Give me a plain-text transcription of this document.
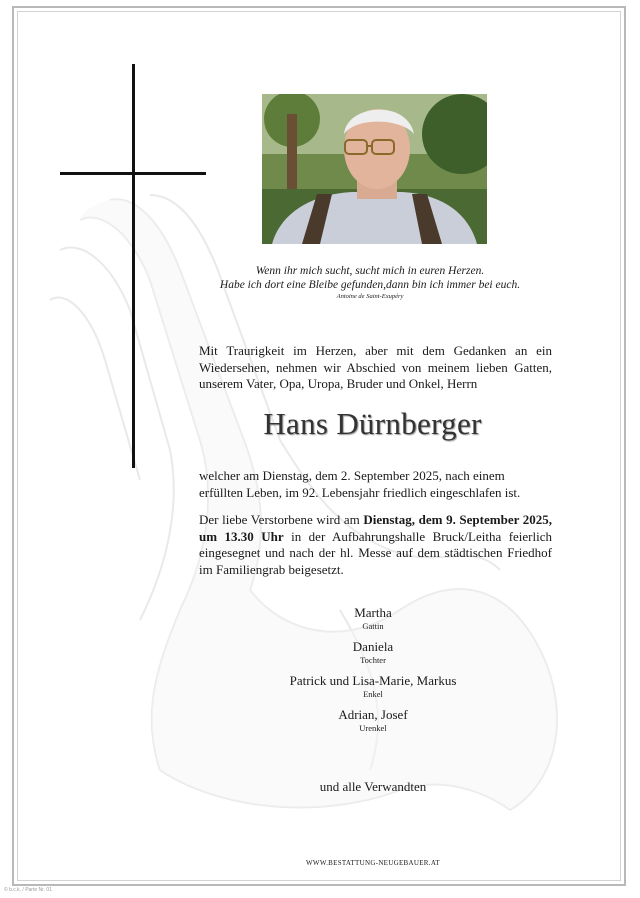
Wenn ihr mich sucht, sucht mich in euren Herzen.
Habe ich dort eine Bleibe gefunden,dann bin ich immer bei euch.
Antoine de Saint-Exupéry
Mit Traurigkeit im Herzen, aber mit dem Gedanken an ein Wiedersehen, nehmen wir Abschied von meinem lieben Gatten, unserem Vater, Opa, Uropa, Bruder und Onkel, Herrn
Hans Dürnberger
welcher am Dienstag, dem 2. September 2025, nach einem erfüllten Leben, im 92. Lebensjahr friedlich eingeschlafen ist.
Der liebe Verstorbene wird am Dienstag, dem 9. September 2025, um 13.30 Uhr in der Aufbahrungshalle Bruck/Leitha feierlich eingesegnet und nach der hl. Messe auf dem städtischen Friedhof im Familiengrab beigesetzt.
Martha
Gattin
Daniela
Tochter
Patrick und Lisa-Marie, Markus
Enkel
Adrian, Josef
Urenkel
und alle Verwandten
WWW.BESTATTUNG-NEUGEBAUER.AT
© b.c.k. / Parte Nr. 01
